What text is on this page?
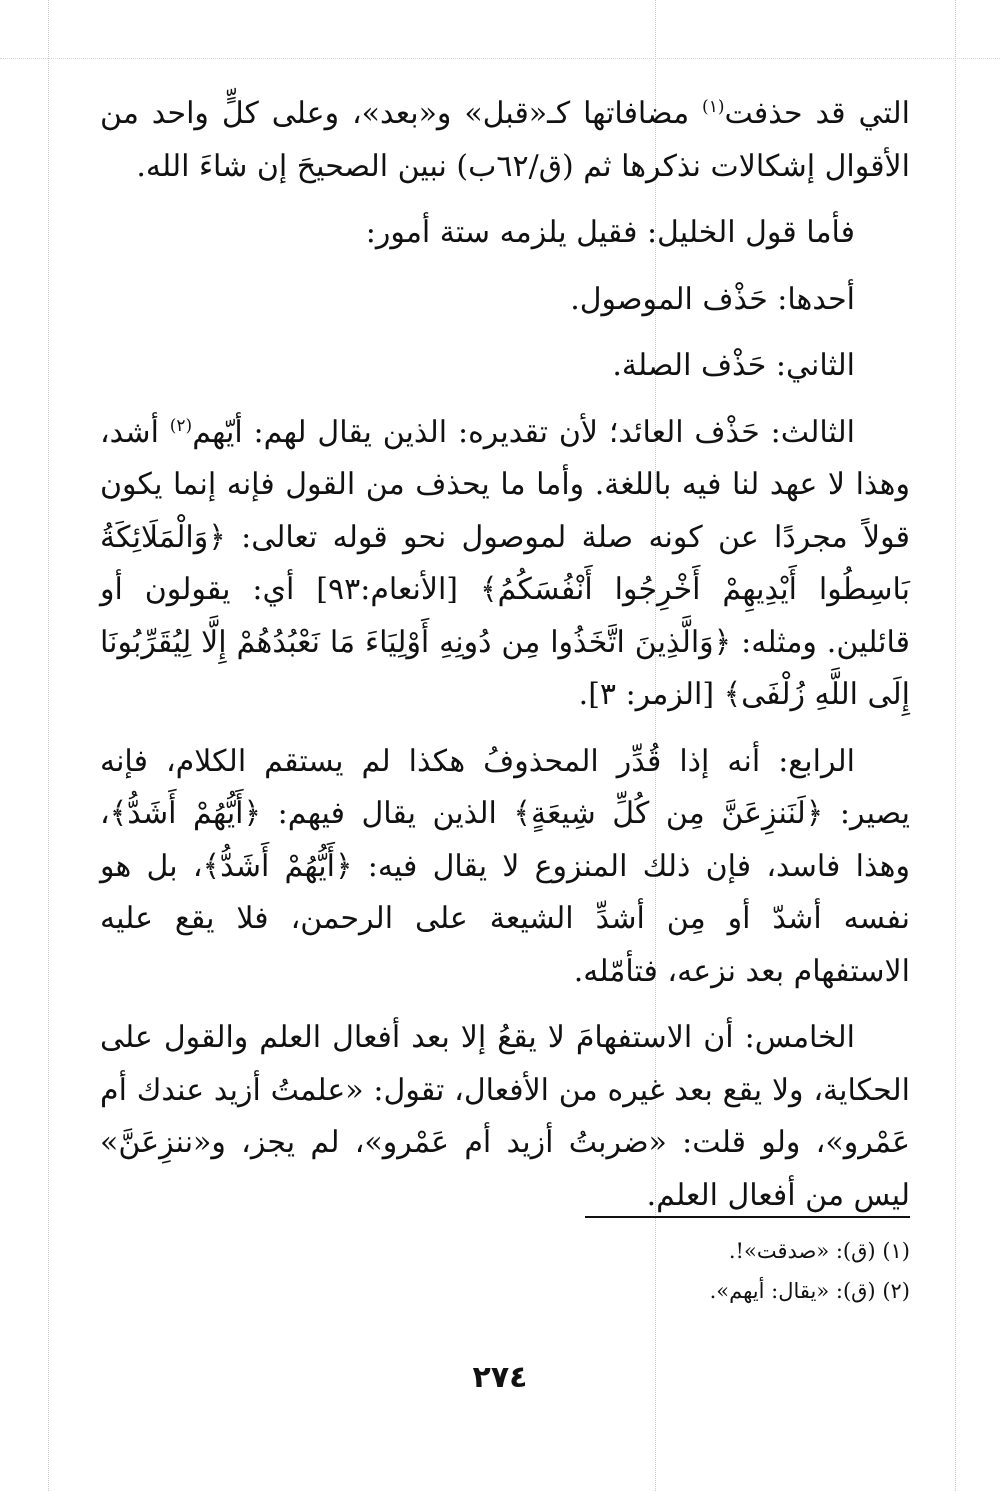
التي قد حذفت$^{(١)}$ مضافاتها كـ«قبل» و«بعد»، وعلى كلٍّ واحد من الأقوال إشكالات نذكرها ثم (ق/٦٢ب) نبين الصحيحَ إن شاءَ الله.

فأما قول الخليل: فقيل يلزمه ستة أمور:

أحدها: حَذْف الموصول.

الثاني: حَذْف الصلة.

الثالث: حَذْف العائد؛ لأن تقديره: الذين يقال لهم: أيّهم$^{(٢)}$ أشد، وهذا لا عهد لنا فيه باللغة. وأما ما يحذف من القول فإنه إنما يكون قولاً مجردًا عن كونه صلة لموصول نحو قوله تعالى: ﴿وَالْمَلَائِكَةُ بَاسِطُوا أَيْدِيهِمْ أَخْرِجُوا أَنْفُسَكُمُ﴾ [الأنعام:٩٣] أي: يقولون أو قائلين. ومثله: ﴿وَالَّذِينَ اتَّخَذُوا مِن دُونِهِ أَوْلِيَاءَ مَا نَعْبُدُهُمْ إِلَّا لِيُقَرِّبُونَا إِلَى اللَّهِ زُلْفَى﴾ [الزمر: ٣].

الرابع: أنه إذا قُدِّر المحذوفُ هكذا لم يستقم الكلام، فإنه يصير: ﴿لَنَنزِعَنَّ مِن كُلِّ شِيعَةٍ﴾ الذين يقال فيهم: ﴿أَيُّهُمْ أَشَدُّ﴾، وهذا فاسد، فإن ذلك المنزوع لا يقال فيه: ﴿أَيُّهُمْ أَشَدُّ﴾، بل هو نفسه أشدّ أو مِن أشدِّ الشيعة على الرحمن، فلا يقع عليه الاستفهام بعد نزعه، فتأمّله.

الخامس: أن الاستفهامَ لا يقعُ إلا بعد أفعال العلم والقول على الحكاية، ولا يقع بعد غيره من الأفعال، تقول: «علمتُ أزيد عندك أم عَمْرو»، ولو قلت: «ضربتُ أزيد أم عَمْرو»، لم يجز، و«ننزِعَنَّ» ليس من أفعال العلم.

(١) (ق): «صدقت»!.

(٢) (ق): «يقال: أيهم».

٢٧٤
